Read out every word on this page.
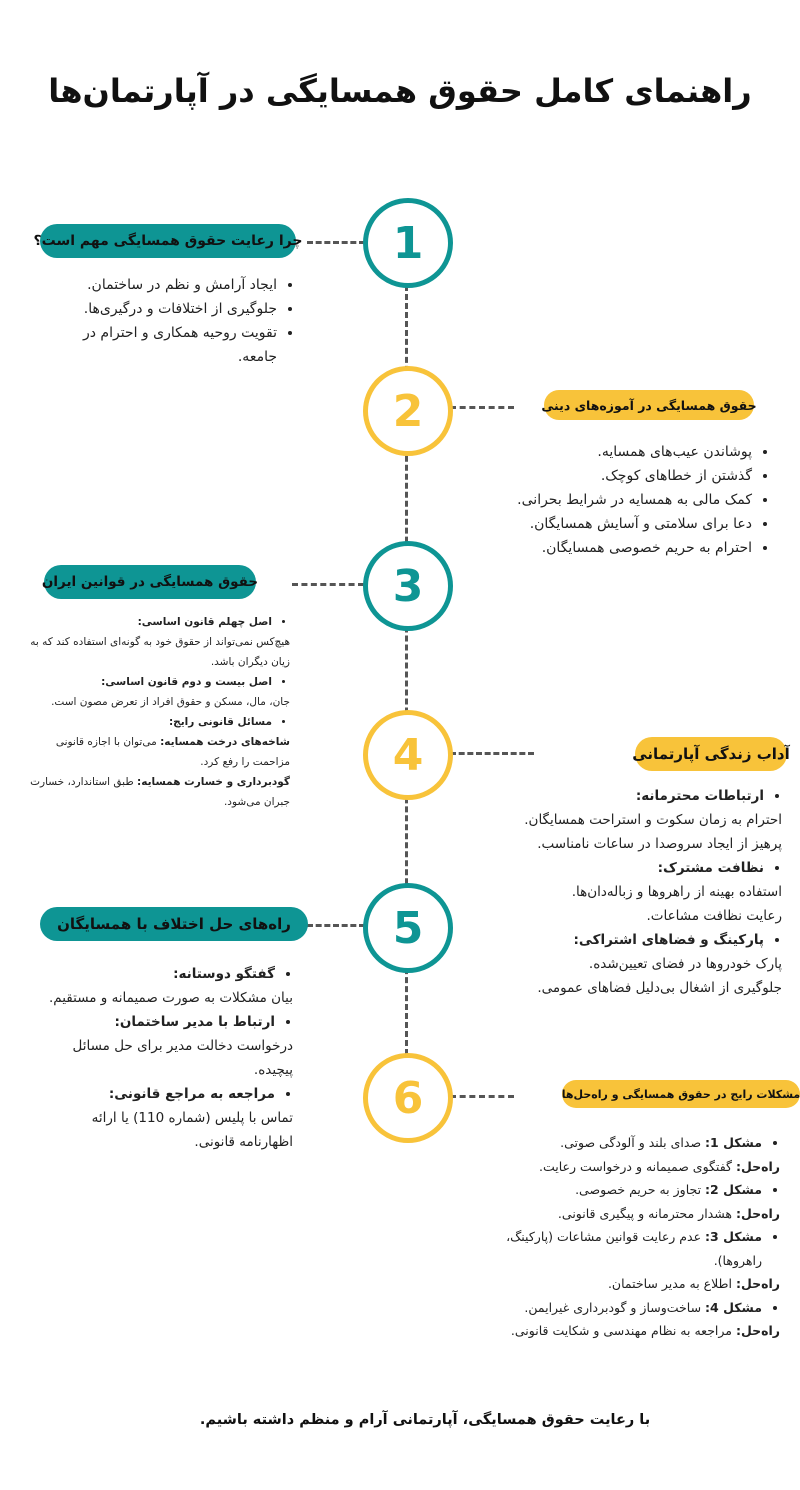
راهنمای کامل حقوق همسایگی در آپارتمان‌ها
1
چرا رعایت حقوق همسایگی مهم است؟
• ایجاد آرامش و نظم در ساختمان.
• جلوگیری از اختلافات و درگیری‌ها.
• تقویت روحیه همکاری و احترام در جامعه.
2	حقوق همسایگی در آموزه‌های دینی
• پوشاندن عیب‌های همسایه.
• گذشتن از خطاهای کوچک.
• کمک مالی به همسایه در شرایط بحرانی.
• دعا برای سلامتی و آسایش همسایگان.
• احترام به حریم خصوصی همسایگان.
3
حقوق همسایگی در قوانین ایران
• اصل چهلم قانون اساسی:
هیچ‌کس نمی‌تواند از حقوق خود به گونه‌ای استفاده کند که به زیان دیگران باشد.
• اصل بیست و دوم قانون اساسی:
جان، مال، مسکن و حقوق افراد از تعرض مصون است.
• مسائل قانونی رایج:
شاخه‌های درخت همسایه: می‌توان با اجازه قانونی مزاحمت را رفع کرد.
گودبرداری و خسارت همسایه: طبق استاندارد، خسارت جبران می‌شود.
4	آداب زندگی آپارتمانی
• ارتباطات محترمانه:
احترام به زمان سکوت و استراحت همسایگان.
پرهیز از ایجاد سروصدا در ساعات نامناسب.
• نظافت مشترک:
استفاده بهینه از راهروها و زباله‌دان‌ها.
رعایت نظافت مشاعات.
• پارکینگ و فضاهای اشتراکی:
پارک خودروها در فضای تعیین‌شده.
جلوگیری از اشغال بی‌دلیل فضاهای عمومی.
5
راه‌های حل اختلاف با همسایگان
• گفتگو دوستانه:
بیان مشکلات به صورت صمیمانه و مستقیم.
• ارتباط با مدیر ساختمان:
درخواست دخالت مدیر برای حل مسائل پیچیده.
• مراجعه به مراجع قانونی:
تماس با پلیس (شماره 110) یا ارائه اظهارنامه قانونی.
6	مشکلات رایج در حقوق همسایگی و راه‌حل‌ها
• مشکل 1: صدای بلند و آلودگی صوتی.
راه‌حل: گفتگوی صمیمانه و درخواست رعایت.
• مشکل 2: تجاوز به حریم خصوصی.
راه‌حل: هشدار محترمانه و پیگیری قانونی.
• مشکل 3: عدم رعایت قوانین مشاعات (پارکینگ، راهروها).
راه‌حل: اطلاع به مدیر ساختمان.
• مشکل 4: ساخت‌وساز و گودبرداری غیرایمن.
راه‌حل: مراجعه به نظام مهندسی و شکایت قانونی.
با رعایت حقوق همسایگی، آپارتمانی آرام و منظم داشته باشیم.
